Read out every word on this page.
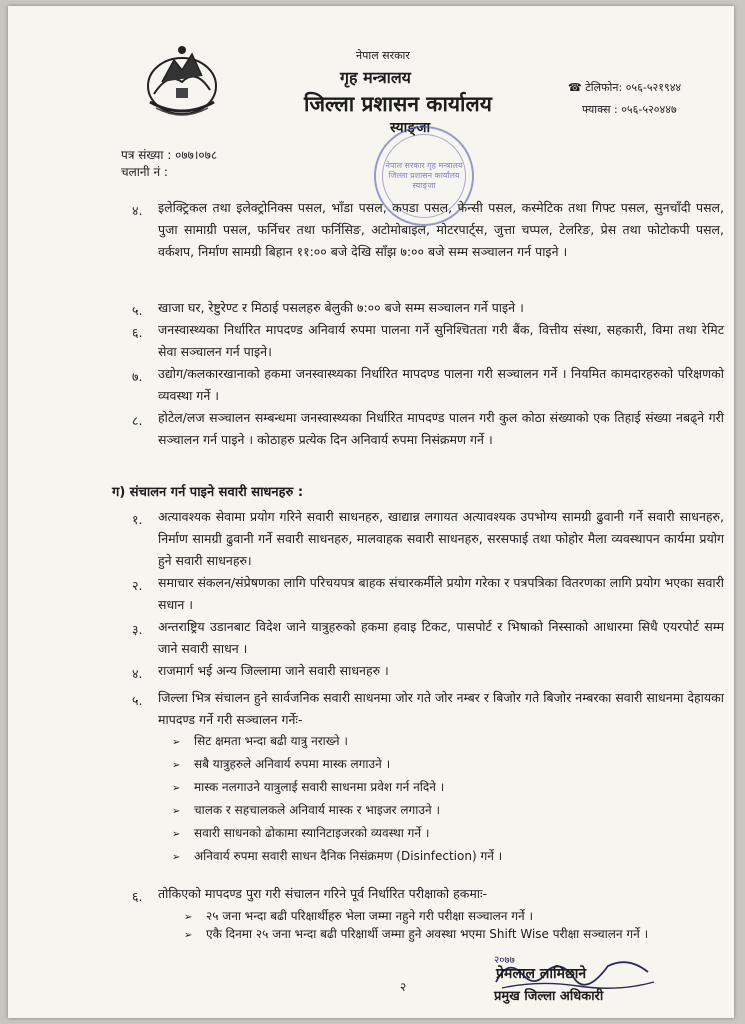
नेपाल सरकार
गृह मन्त्रालय
जिल्ला प्रशासन कार्यालय
स्याङ्जा
☎ टेलिफोन: ०५६-५२१९४४
फ्याक्स : ०५६-५२०४४७
पत्र संख्या : ०७७।०७८
चलानी नं :	नेपाल सरकार गृह मन्त्रालय जिल्ला प्रशासन कार्यालय स्याङ्जा
४. इलेक्ट्रिकल तथा इलेक्ट्रोनिक्स पसल, भाँडा पसल, कपडा पसल, फेन्सी पसल, कस्मेटिक तथा गिफ्ट पसल, सुनचाँदी पसल, पुजा सामाग्री पसल, फर्निचर तथा फर्निसिङ, अटोमोबाइल, मोटरपार्ट्स, जुत्ता चप्पल, टेलरिङ, प्रेस तथा फोटोकपी पसल, वर्कशप, निर्माण सामग्री बिहान ११:०० बजे देखि साँझ ७:०० बजे सम्म सञ्चालन गर्न पाइने ।
५. खाजा घर, रेष्टुरेण्ट र मिठाई पसलहरु बेलुकी ७:०० बजे सम्म सञ्चालन गर्ने पाइने ।
६. जनस्वास्थ्यका निर्धारित मापदण्ड अनिवार्य रुपमा पालना गर्ने सुनिश्चितता गरी बैंक, वित्तीय संस्था, सहकारी, विमा तथा रेमिट सेवा सञ्चालन गर्न पाइने।
७. उद्योग/कलकारखानाको हकमा जनस्वास्थ्यका निर्धारित मापदण्ड पालना गरी सञ्चालन गर्ने । नियमित कामदारहरुको परिक्षणको व्यवस्था गर्ने ।
८. होटेल/लज सञ्चालन सम्बन्धमा जनस्वास्थ्यका निर्धारित मापदण्ड पालन गरी कुल कोठा संख्याको एक तिहाई संख्या नबढ्ने गरी सञ्चालन गर्न पाइने । कोठाहरु प्रत्येक दिन अनिवार्य रुपमा निसंक्रमण गर्ने ।
ग) संचालन गर्न पाइने सवारी साधनहरु :
१. अत्यावश्यक सेवामा प्रयोग गरिने सवारी साधनहरु, खाद्यान्न लगायत अत्यावश्यक उपभोग्य सामग्री ढुवानी गर्ने सवारी साधनहरु, निर्माण सामग्री ढुवानी गर्ने सवारी साधनहरु, मालवाहक सवारी साधनहरु, सरसफाई तथा फोहोर मैला व्यवस्थापन कार्यमा प्रयोग हुने सवारी साधनहरु।
२. समाचार संकलन/संप्रेषणका लागि परिचयपत्र बाहक संचारकर्मीले प्रयोग गरेका र पत्रपत्रिका वितरणका लागि प्रयोग भएका सवारी सधान ।
३. अन्तराष्ट्रिय उडानबाट विदेश जाने यात्रुहरुको हकमा हवाइ टिकट, पासपोर्ट र भिषाको निस्साको आधारमा सिधै एयरपोर्ट सम्म जाने सवारी साधन ।
४. राजमार्ग भई अन्य जिल्लामा जाने सवारी साधनहरु ।
५. जिल्ला भित्र संचालन हुने सार्वजनिक सवारी साधनमा जोर गते जोर नम्बर र बिजोर गते बिजोर नम्बरका सवारी साधनमा देहायका मापदण्ड गर्ने गरी सञ्चालन गर्नेः-
➢ सिट क्षमता भन्दा बढी यात्रु नराख्ने ।
➢ सबै यात्रुहरुले अनिवार्य रुपमा मास्क लगाउने ।
➢ मास्क नलगाउने यात्रुलाई सवारी साधनमा प्रवेश गर्न नदिने ।
➢ चालक र सहचालकले अनिवार्य मास्क र भाइजर लगाउने ।
➢ सवारी साधनको ढोकामा स्यानिटाइजरको व्यवस्था गर्ने ।
➢ अनिवार्य रुपमा सवारी साधन दैनिक निसंक्रमण (Disinfection) गर्ने ।
६. तोकिएको मापदण्ड पुरा गरी संचालन गरिने पूर्व निर्धारित परीक्षाको हकमाः-
➢ २५ जना भन्दा बढी परिक्षार्थीहरु भेला जम्मा नहुने गरी परीक्षा सञ्चालन गर्ने ।
➢ एकै दिनमा २५ जना भन्दा बढी परिक्षार्थी जम्मा हुने अवस्था भएमा Shift Wise परीक्षा सञ्चालन गर्ने ।
२
२०७७
प्रेमलाल लामिछाने
प्रमुख जिल्ला अधिकारी
